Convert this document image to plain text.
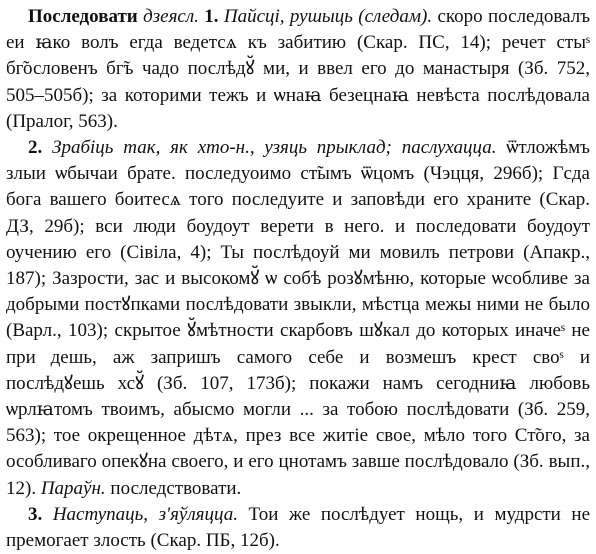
Последовати дзеясл. 1. Пайсці, рушыць (следам). скоро последовалъ еи ꙗко волъ егда ведетсѧ къ забитию (Скар. ПС, 14); речет стыˢ бг̃ословенъ бг̃ъ чадо послѣдꙋ̆ ми, и ввел его до манастыря (Зб. 752, 505–505б); за которими тежъ и ѡнаꙗ безецнаꙗ невѣста послѣдовала (Пралог, 563).

2. Зрабіць так, як хто-н., узяць прыклад; паслухацца. ѿтложѣмъ злыи ѡбычаи брате. последуоимо ст̃ымъ ѿцомъ (Чэцця, 296б); Гсда бога вашего боитесѧ того последуите и заповѣди его храните (Скар. ДЗ, 29б); вси люди боудоут верети в него. и последовати боудоут оучению его (Сівіла, 4); Ты послѣдоуй ми мовилъ петрови (Апакр., 187); Зазрости, зас и высокомꙋ̆ ѡ собѣ розꙋмѣню, которые ѡсобливе за добрыми постꙋпками послѣдовати звыкли, мѣстца межы ними не было (Варл., 103); скрытое ꙋ̆мѣтности скарбовъ шꙋкал до которых иначеˢ не приⷥдешь, аж запришъ самого себе и возмешъ крест своˢ и послѣдꙋешь хсꙋ̆ (Зб. 107, 173б); покажи намъ сегодниꙗ любовь ѡрлꙗтомъ твоимъ, абысмо могли ... за тобою послѣдовати (Зб. 259, 563); тое окрещенное дѣтѧ, през все житіе свое, мѣло того Ст̃ого, за особливаго опекꙋна своего, и его цнотамъ завше послѣдовало (Зб. вып., 12). Параўн. последствовати.

3. Наступаць, з'яўляцца. Тои же послѣдует нощь, и мудрсти не премогает злость (Скар. ПБ, 12б).
